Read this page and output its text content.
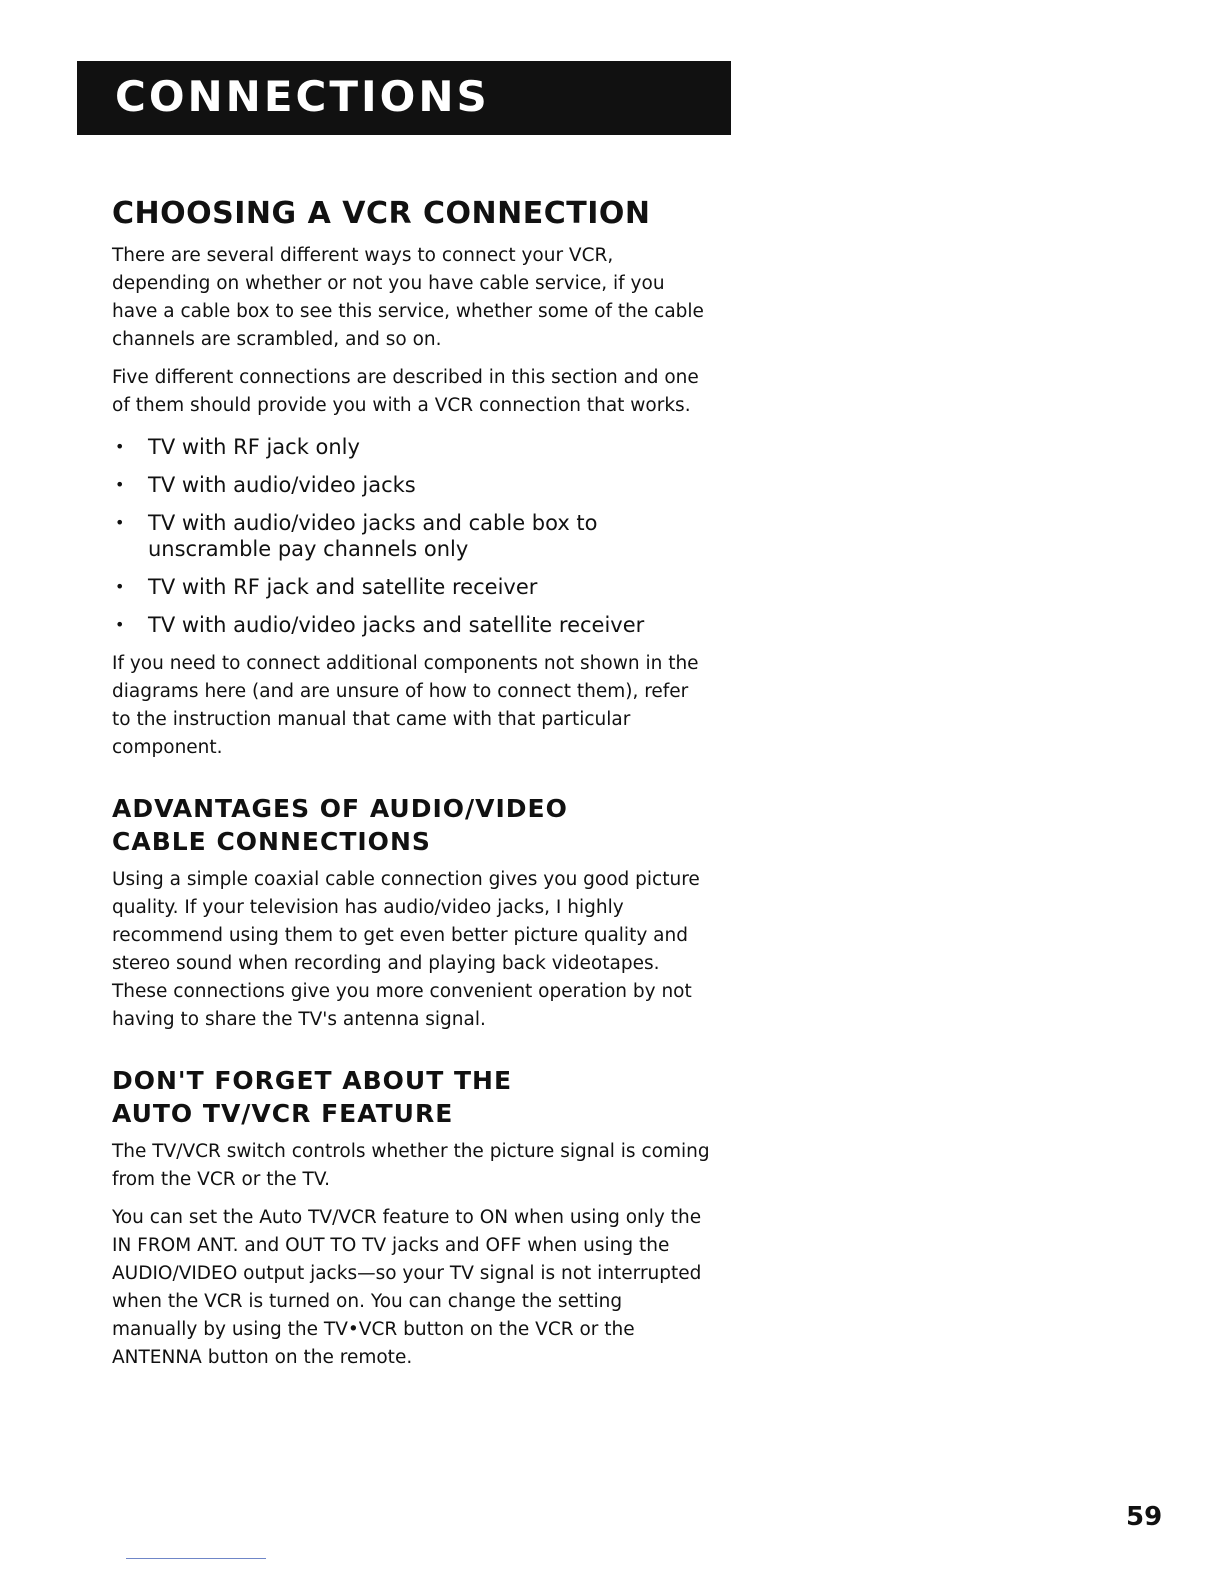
CONNECTIONS
CHOOSING A VCR CONNECTION

There are several different ways to connect your VCR, depending on whether or not you have cable service, if you have a cable box to see this service, whether some of the cable channels are scrambled, and so on.

Five different connections are described in this section and one of them should provide you with a VCR connection that works.

• TV with RF jack only
• TV with audio/video jacks
• TV with audio/video jacks and cable box to unscramble pay channels only
• TV with RF jack and satellite receiver
• TV with audio/video jacks and satellite receiver

If you need to connect additional components not shown in the diagrams here (and are unsure of how to connect them), refer to the instruction manual that came with that particular component.

ADVANTAGES OF AUDIO/VIDEO
CABLE CONNECTIONS

Using a simple coaxial cable connection gives you good picture quality. If your television has audio/video jacks, I highly recommend using them to get even better picture quality and stereo sound when recording and playing back videotapes. These connections give you more convenient operation by not having to share the TV's antenna signal.

DON'T FORGET ABOUT THE
AUTO TV/VCR FEATURE

The TV/VCR switch controls whether the picture signal is coming from the VCR or the TV.

You can set the Auto TV/VCR feature to ON when using only the IN FROM ANT. and OUT TO TV jacks and OFF when using the AUDIO/VIDEO output jacks—so your TV signal is not interrupted when the VCR is turned on. You can change the setting manually by using the TV•VCR button on the VCR or the ANTENNA button on the remote.

59
